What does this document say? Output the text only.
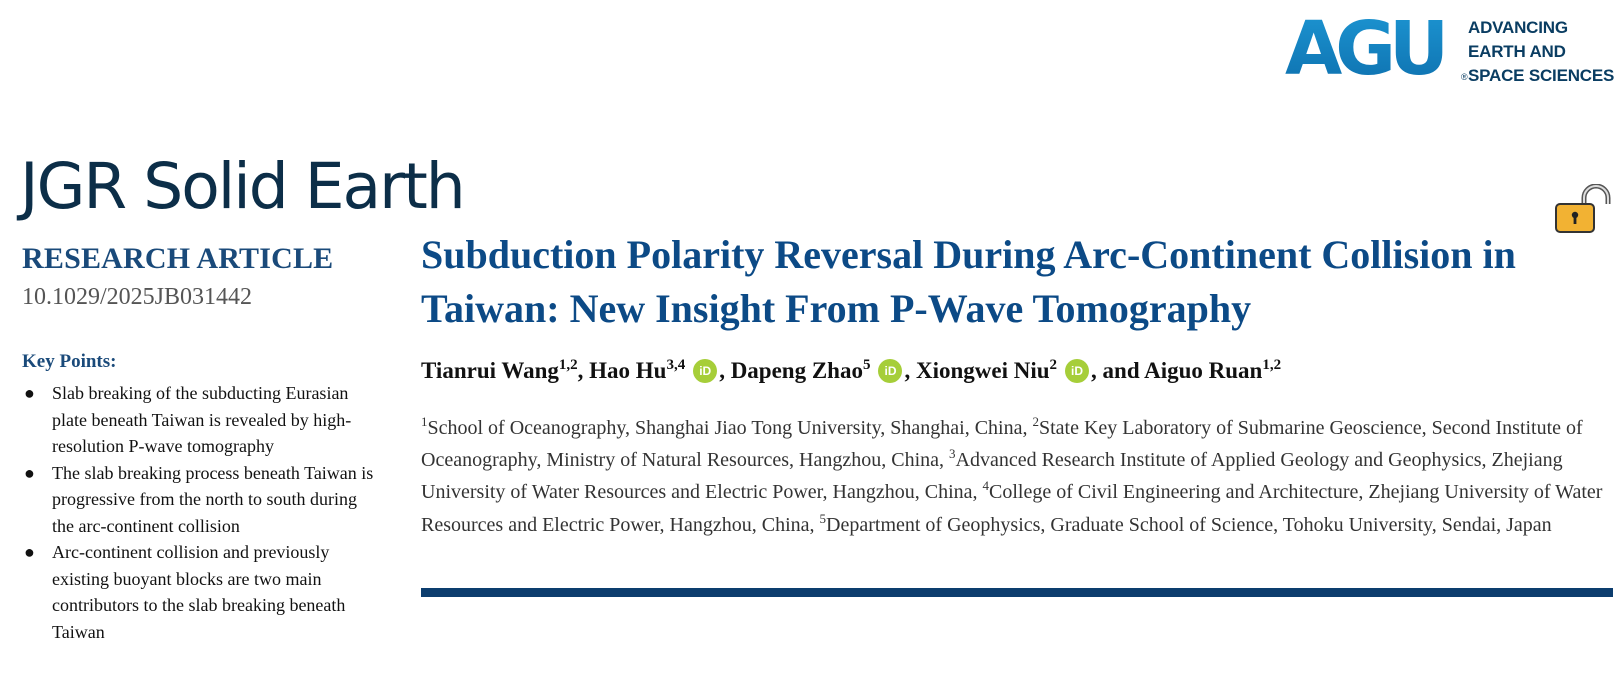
AGU ®
ADVANCING
EARTH AND
SPACE SCIENCES
JGR Solid Earth
RESEARCH ARTICLE
10.1029/2025JB031442
Key Points:
● Slab breaking of the subducting Eurasian plate beneath Taiwan is revealed by high-resolution P-wave tomography
● The slab breaking process beneath Taiwan is progressive from the north to south during the arc-continent collision
● Arc-continent collision and previously existing buoyant blocks are two main contributors to the slab breaking beneath Taiwan
Subduction Polarity Reversal During Arc-Continent Collision in Taiwan: New Insight From P-Wave Tomography
Tianrui Wang$^{1,2}$, Hao Hu$^{3,4}$ iD , Dapeng Zhao$^5$ iD , Xiongwei Niu$^2$ iD , and Aiguo Ruan$^{1,2}$
$^1$School of Oceanography, Shanghai Jiao Tong University, Shanghai, China, $^2$State Key Laboratory of Submarine Geoscience, Second Institute of Oceanography, Ministry of Natural Resources, Hangzhou, China, $^3$Advanced Research Institute of Applied Geology and Geophysics, Zhejiang University of Water Resources and Electric Power, Hangzhou, China, $^4$College of Civil Engineering and Architecture, Zhejiang University of Water Resources and Electric Power, Hangzhou, China, $^5$Department of Geophysics, Graduate School of Science, Tohoku University, Sendai, Japan
